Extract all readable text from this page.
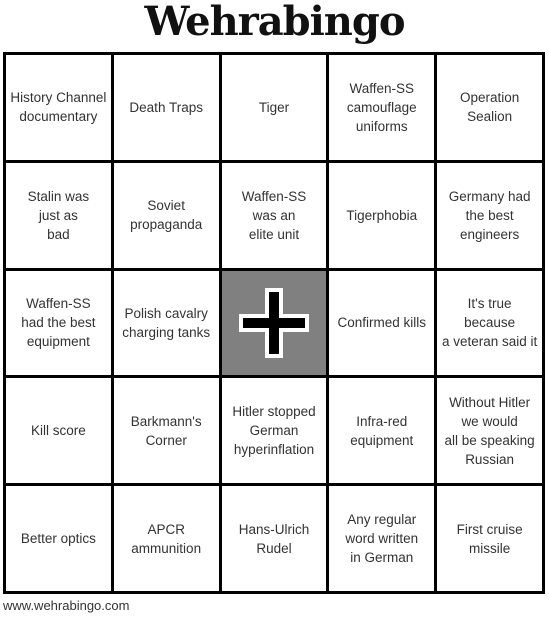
Wehrabingo
History Channel
documentary
Death Traps	Tiger
Waffen-SS
camouflage
uniforms
Operation Sealion
Stalin was
just as
bad
Soviet propaganda
Waffen-SS
was an
elite unit
Tigerphobia
Germany had
the best
engineers
Waffen-SS
had the best
equipment
Polish cavalry
charging tanks
Confirmed kills
It's true because
a veteran said it
Kill score
Barkmann's
Corner
Hitler stopped
German
hyperinflation
Infra-red
equipment
Without Hitler
we would
all be speaking
Russian
Better optics
APCR ammunition
Hans-Ulrich Rudel
Any regular
word written
in German
First cruise
missile
www.wehrabingo.com
